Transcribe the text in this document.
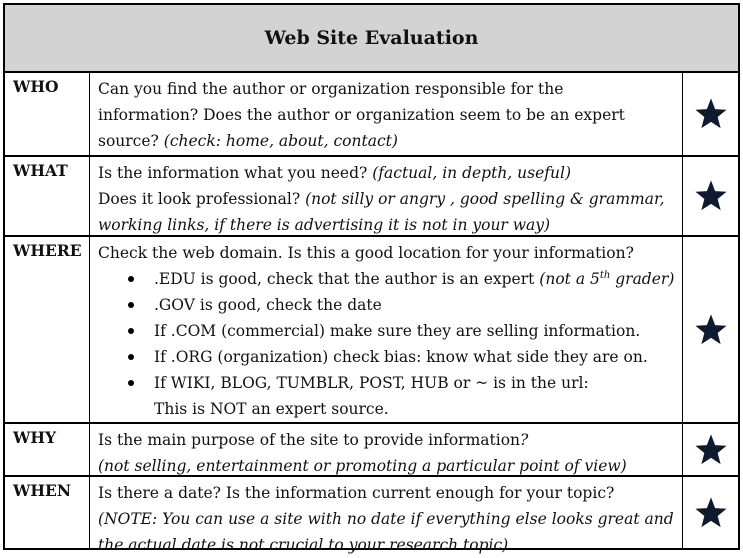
Web Site Evaluation
WHO	Can you find the author or organization responsible for the
information? Does the author or organization seem to be an expert
source? (check: home, about, contact)
WHAT	Is the information what you need? (factual, in depth, useful)
Does it look professional? (not silly or angry , good spelling & grammar,
working links, if there is advertising it is not in your way)
WHERE	Check the web domain. Is this a good location for your information?
.EDU is good, check that the author is an expert (not a 5th grader)
.GOV is good, check the date
If .COM (commercial) make sure they are selling information.
If .ORG (organization) check bias: know what side they are on.
If WIKI, BLOG, TUMBLR, POST, HUB or ~ is in the url:
This is NOT an expert source.
WHY	Is the main purpose of the site to provide information?
(not selling, entertainment or promoting a particular point of view)
WHEN	Is there a date? Is the information current enough for your topic?
(NOTE: You can use a site with no date if everything else looks great and
the actual date is not crucial to your research topic)
